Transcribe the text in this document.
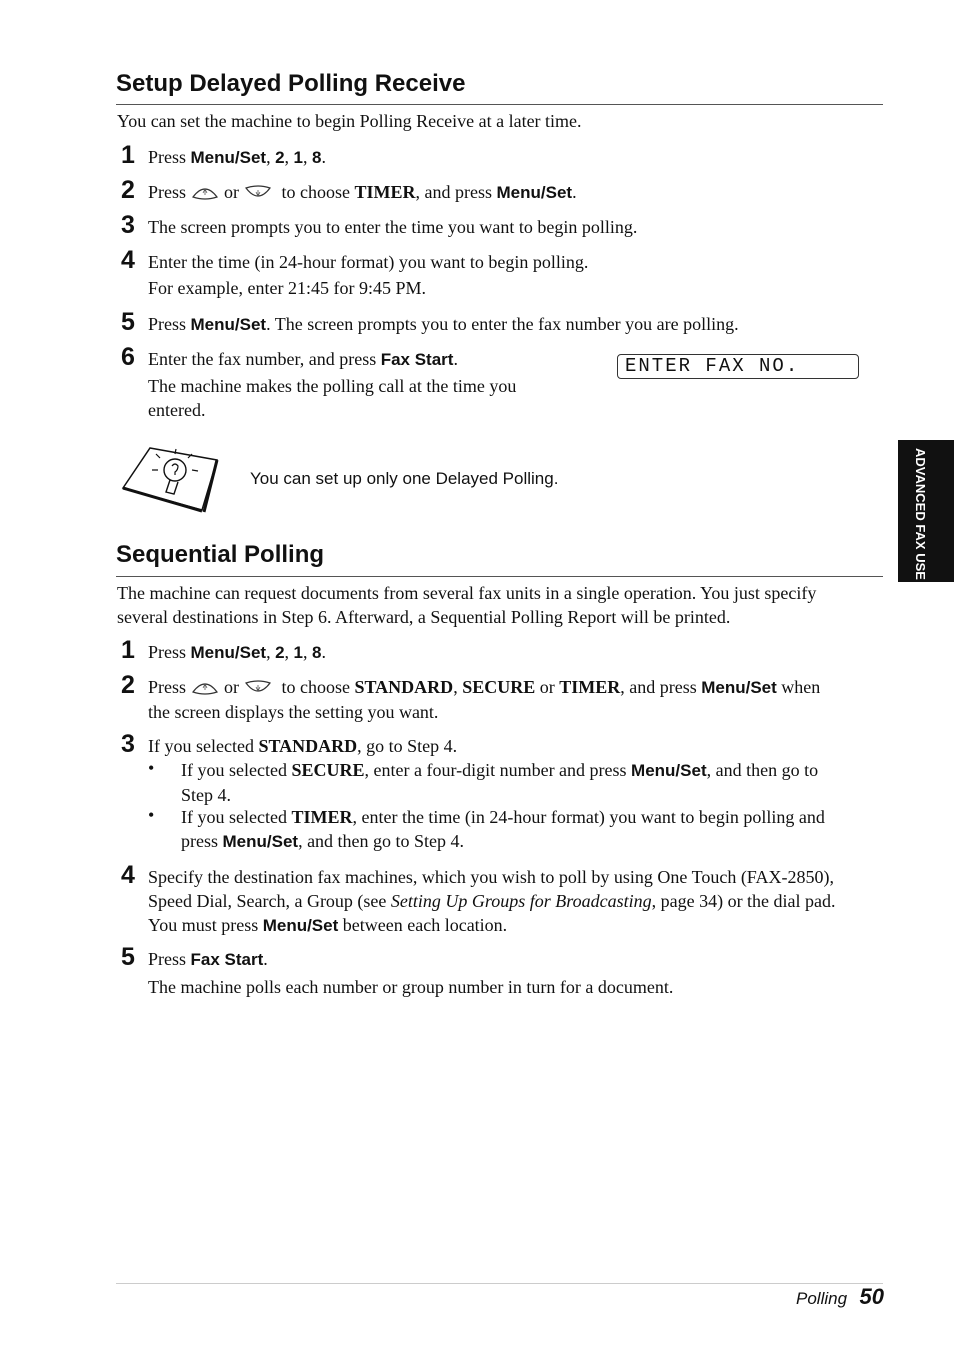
Setup Delayed Polling Receive

You can set the machine to begin Polling Receive at a later time.

1 Press Menu/Set, 2, 1, 8.
2 Press or to choose TIMER, and press Menu/Set.
3 The screen prompts you to enter the time you want to begin polling.
4 Enter the time (in 24-hour format) you want to begin polling.
For example, enter 21:45 for 9:45 PM.
5 Press Menu/Set. The screen prompts you to enter the fax number you are polling.
6 Enter the fax number, and press Fax Start.
The machine makes the polling call at the time you
entered.
ENTER FAX NO.
You can set up only one Delayed Polling.
Sequential Polling
The machine can request documents from several fax units in a single operation. You just specify
several destinations in Step 6. Afterward, a Sequential Polling Report will be printed.
1 Press Menu/Set, 2, 1, 8.
2 Press or to choose STANDARD, SECURE or TIMER, and press Menu/Set when
the screen displays the setting you want.
3 If you selected STANDARD, go to Step 4.
• If you selected SECURE, enter a four-digit number and press Menu/Set, and then go to
Step 4.
• If you selected TIMER, enter the time (in 24-hour format) you want to begin polling and
press Menu/Set, and then go to Step 4.
4 Specify the destination fax machines, which you wish to poll by using One Touch (FAX-2850),
Speed Dial, Search, a Group (see Setting Up Groups for Broadcasting, page 34) or the dial pad.
You must press Menu/Set between each location.
5 Press Fax Start.
The machine polls each number or group number in turn for a document.
ADVANCED FAX USE
Polling 50
